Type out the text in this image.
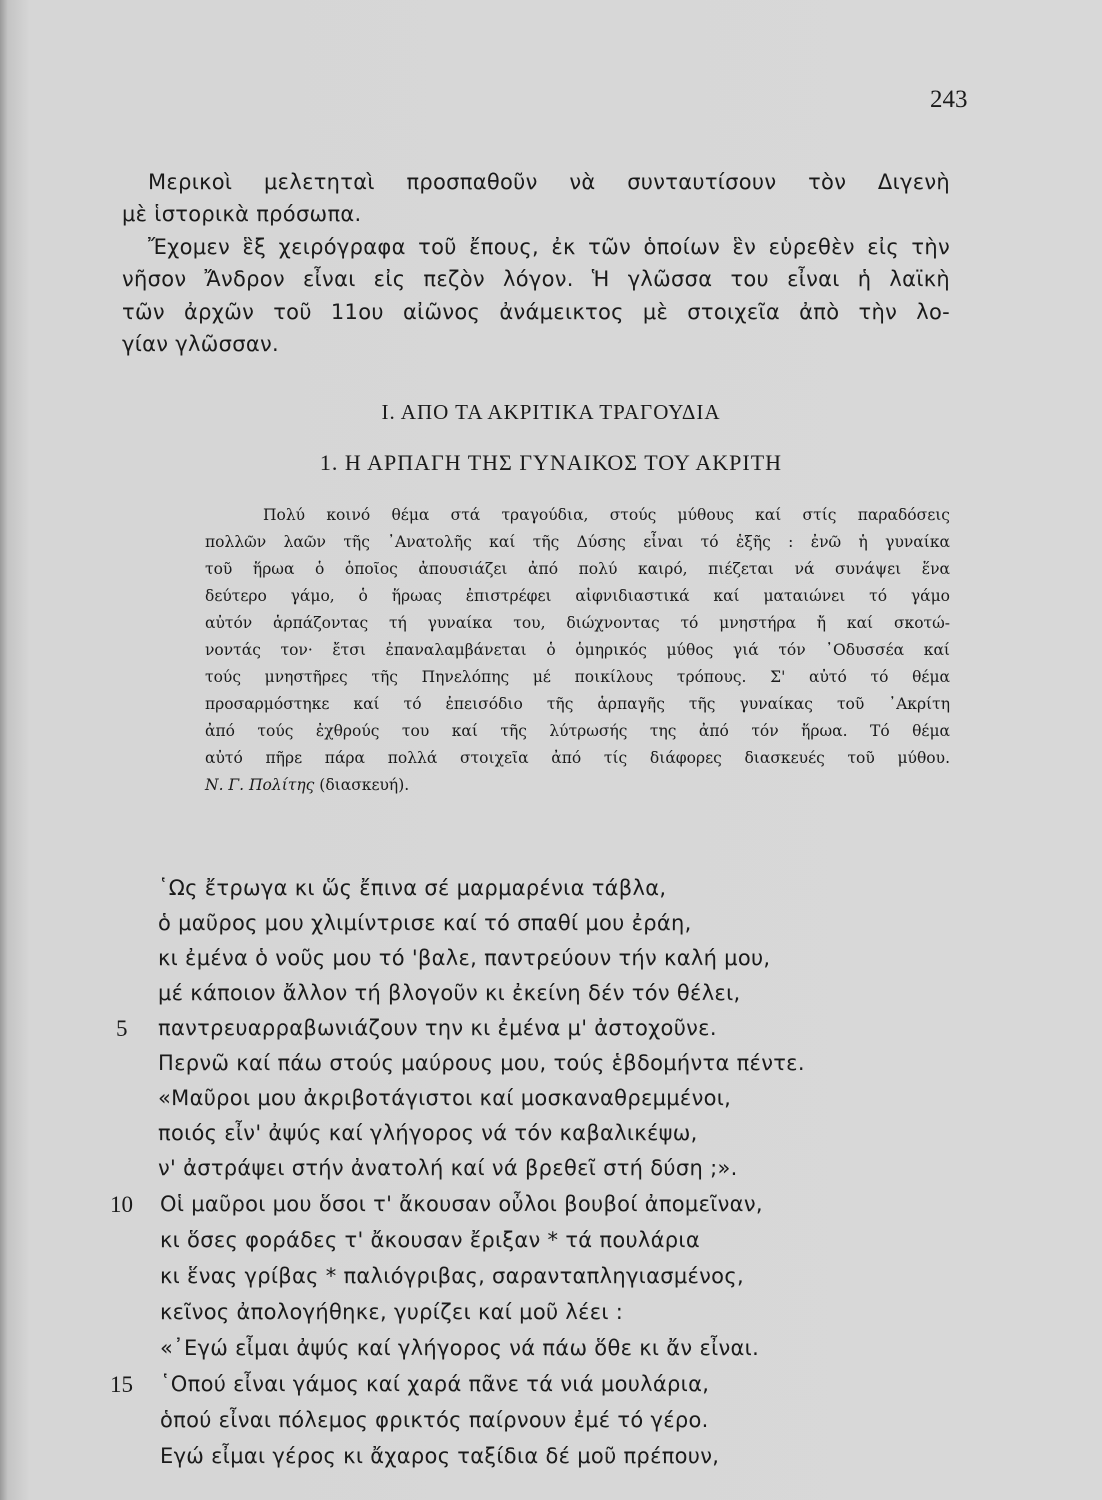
243
Μερικοὶ μελετηταὶ προσπαθοῦν νὰ συνταυτίσουν τὸν Διγενὴ
μὲ ἱστορικὰ πρόσωπα.
Ἔχομεν ἓξ χειρόγραφα τοῦ ἔπους, ἐκ τῶν ὁποίων ἓν εὑρεθὲν εἰς τὴν
νῆσον Ἄνδρον εἶναι εἰς πεζὸν λόγον. Ἡ γλῶσσα του εἶναι ἡ λαϊκὴ
τῶν ἀρχῶν τοῦ 11ου αἰῶνος ἀνάμεικτος μὲ στοιχεῖα ἀπὸ τὴν λο-
γίαν γλῶσσαν.
Ι. ΑΠΟ ΤΑ ΑΚΡΙΤΙΚΑ ΤΡΑΓΟΥΔΙΑ
1. Η ΑΡΠΑΓΗ ΤΗΣ ΓΥΝΑΙΚΟΣ ΤΟΥ ΑΚΡΙΤΗ
Πολύ κοινό θέμα στά τραγούδια, στούς μύθους καί στίς παραδόσεις
πολλῶν λαῶν τῆς ᾿Ανατολῆς καί τῆς Δύσης εἶναι τό ἑξῆς : ἐνῶ ἡ γυναίκα
τοῦ ἥρωα ὁ ὁποῖος ἀπουσιάζει ἀπό πολύ καιρό, πιέζεται νά συνάψει ἕνα
δεύτερο γάμο, ὁ ἥρωας ἐπιστρέφει αἰφνιδιαστικά καί ματαιώνει τό γάμο
αὐτόν ἁρπάζοντας τή γυναίκα του, διώχνοντας τό μνηστήρα ἤ καί σκοτώ-
νοντάς τον· ἔτσι ἐπαναλαμβάνεται ὁ ὁμηρικός μύθος γιά τόν ᾿Οδυσσέα καί
τούς μνηστῆρες τῆς Πηνελόπης μέ ποικίλους τρόπους. Σ' αὐτό τό θέμα
προσαρμόστηκε καί τό ἐπεισόδιο τῆς ἁρπαγῆς τῆς γυναίκας τοῦ ᾿Ακρίτη
ἀπό τούς ἐχθρούς του καί τῆς λύτρωσής της ἀπό τόν ἥρωα. Τό θέμα
αὐτό πῆρε πάρα πολλά στοιχεῖα ἀπό τίς διάφορες διασκευές τοῦ μύθου.
Ν. Γ. Πολίτης (διασκευή).
῾Ως ἔτρωγα κι ὥς ἔπινα σέ μαρμαρένια τάβλα,
ὁ μαῦρος μου χλιμίντρισε καί τό σπαθί μου ἐράη,
κι ἐμένα ὁ νοῦς μου τό 'βαλε, παντρεύουν τήν καλή μου,
μέ κάποιον ἄλλον τή βλογοῦν κι ἐκείνη δέν τόν θέλει,
5 παντρευαρραβωνιάζουν την κι ἐμένα μ' ἀστοχοῦνε.
Περνῶ καί πάω στούς μαύρους μου, τούς ἑβδομήντα πέντε.
«Μαῦροι μου ἀκριβοτάγιστοι καί μοσκαναθρεμμένοι,
ποιός εἶν' ἀψύς καί γλήγορος νά τόν καβαλικέψω,
ν' ἀστράψει στήν ἀνατολή καί νά βρεθεῖ στή δύση ;».
10 Οἱ μαῦροι μου ὅσοι τ' ἄκουσαν οὖλοι βουβοί ἀπομεῖναν,
κι ὅσες φοράδες τ' ἄκουσαν ἔριξαν * τά πουλάρια
κι ἕνας γρίβας * παλιόγριβας, σαρανταπληγιασμένος,
κεῖνος ἀπολογήθηκε, γυρίζει καί μοῦ λέει :
«᾿Εγώ εἶμαι ἀψύς καί γλήγορος νά πάω ὅθε κι ἄν εἶναι.
15 ῾Οπού εἶναι γάμος καί χαρά πᾶνε τά νιά μουλάρια,
ὁπού εἶναι πόλεμος φρικτός παίρνουν ἐμέ τό γέρο.
Εγώ εἶμαι γέρος κι ἄχαρος ταξίδια δέ μοῦ πρέπουν,
